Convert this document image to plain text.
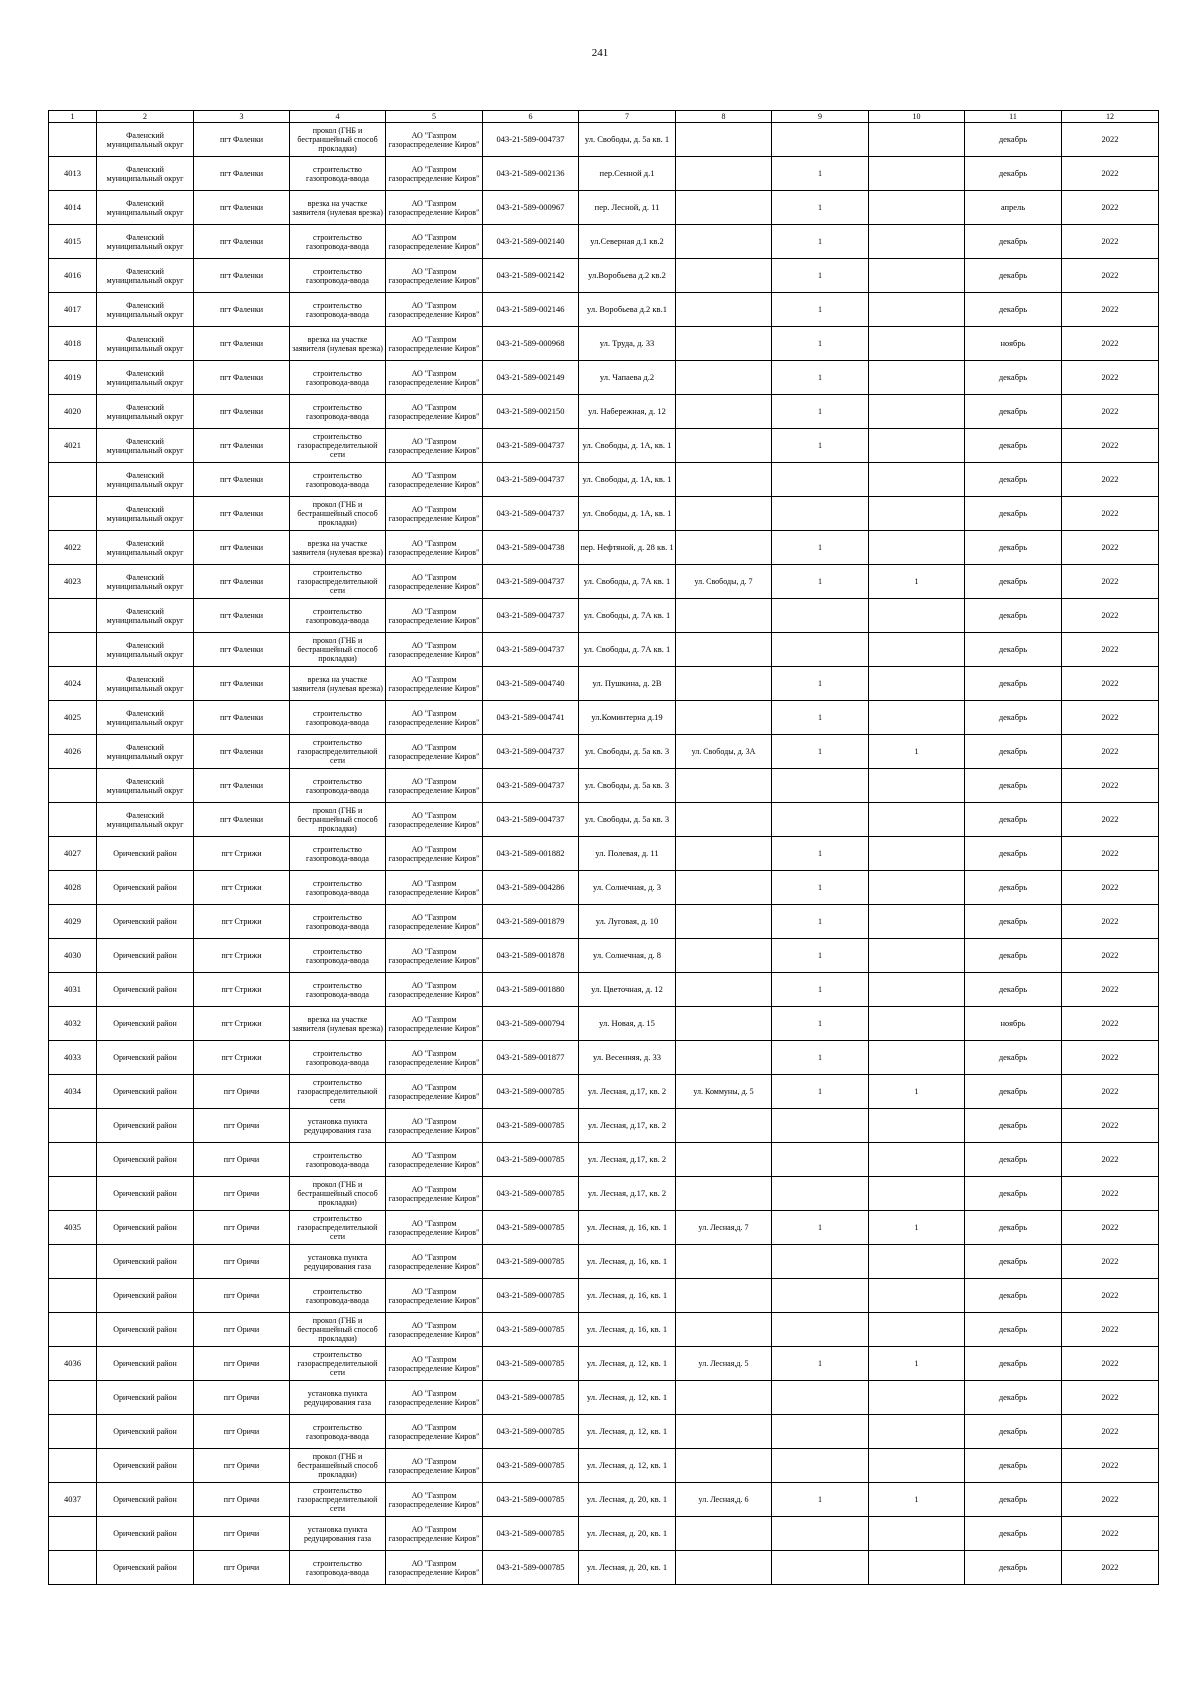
241
1	2	3	4	5	6	7	8	9	10	11	12
	Фаленский муниципальный округ	пгт Фаленки	прокол (ГНБ и бестраншейный способ прокладки)	АО "Газпром газораспределение Киров"	043-21-589-004737	ул. Свободы, д. 5а кв. 1				декабрь	2022
4013	Фаленский муниципальный округ	пгт Фаленки	строительство газопровода-ввода	АО "Газпром газораспределение Киров"	043-21-589-002136	пер.Сенной д.1		1		декабрь	2022
4014	Фаленский муниципальный округ	пгт Фаленки	врезка на участке заявителя (нулевая врезка)	АО "Газпром газораспределение Киров"	043-21-589-000967	пер. Лесной, д. 11		1		апрель	2022
4015	Фаленский муниципальный округ	пгт Фаленки	строительство газопровода-ввода	АО "Газпром газораспределение Киров"	043-21-589-002140	ул.Северная д.1 кв.2		1		декабрь	2022
4016	Фаленский муниципальный округ	пгт Фаленки	строительство газопровода-ввода	АО "Газпром газораспределение Киров"	043-21-589-002142	ул.Воробьева д.2 кв.2		1		декабрь	2022
4017	Фаленский муниципальный округ	пгт Фаленки	строительство газопровода-ввода	АО "Газпром газораспределение Киров"	043-21-589-002146	ул. Воробьева д.2 кв.1		1		декабрь	2022
4018	Фаленский муниципальный округ	пгт Фаленки	врезка на участке заявителя (нулевая врезка)	АО "Газпром газораспределение Киров"	043-21-589-000968	ул. Труда, д. 33		1		ноябрь	2022
4019	Фаленский муниципальный округ	пгт Фаленки	строительство газопровода-ввода	АО "Газпром газораспределение Киров"	043-21-589-002149	ул. Чапаева д.2		1		декабрь	2022
4020	Фаленский муниципальный округ	пгт Фаленки	строительство газопровода-ввода	АО "Газпром газораспределение Киров"	043-21-589-002150	ул. Набережная, д. 12		1		декабрь	2022
4021	Фаленский муниципальный округ	пгт Фаленки	строительство газораспределительной сети	АО "Газпром газораспределение Киров"	043-21-589-004737	ул. Свободы, д. 1А, кв. 1		1		декабрь	2022
	Фаленский муниципальный округ	пгт Фаленки	строительство газопровода-ввода	АО "Газпром газораспределение Киров"	043-21-589-004737	ул. Свободы, д. 1А, кв. 1				декабрь	2022
	Фаленский муниципальный округ	пгт Фаленки	прокол (ГНБ и бестраншейный способ прокладки)	АО "Газпром газораспределение Киров"	043-21-589-004737	ул. Свободы, д. 1А, кв. 1				декабрь	2022
4022	Фаленский муниципальный округ	пгт Фаленки	врезка на участке заявителя (нулевая врезка)	АО "Газпром газораспределение Киров"	043-21-589-004738	пер. Нефтяной, д. 28 кв. 1		1		декабрь	2022
4023	Фаленский муниципальный округ	пгт Фаленки	строительство газораспределительной сети	АО "Газпром газораспределение Киров"	043-21-589-004737	ул. Свободы, д. 7А кв. 1	ул. Свободы, д. 7	1	1	декабрь	2022
	Фаленский муниципальный округ	пгт Фаленки	строительство газопровода-ввода	АО "Газпром газораспределение Киров"	043-21-589-004737	ул. Свободы, д. 7А кв. 1				декабрь	2022
	Фаленский муниципальный округ	пгт Фаленки	прокол (ГНБ и бестраншейный способ прокладки)	АО "Газпром газораспределение Киров"	043-21-589-004737	ул. Свободы, д. 7А кв. 1				декабрь	2022
4024	Фаленский муниципальный округ	пгт Фаленки	врезка на участке заявителя (нулевая врезка)	АО "Газпром газораспределение Киров"	043-21-589-004740	ул. Пушкина, д. 2В		1		декабрь	2022
4025	Фаленский муниципальный округ	пгт Фаленки	строительство газопровода-ввода	АО "Газпром газораспределение Киров"	043-21-589-004741	ул.Коминтерна д.19		1		декабрь	2022
4026	Фаленский муниципальный округ	пгт Фаленки	строительство газораспределительной сети	АО "Газпром газораспределение Киров"	043-21-589-004737	ул. Свободы, д. 5а кв. 3	ул. Свободы, д. 3А	1	1	декабрь	2022
	Фаленский муниципальный округ	пгт Фаленки	строительство газопровода-ввода	АО "Газпром газораспределение Киров"	043-21-589-004737	ул. Свободы, д. 5а кв. 3				декабрь	2022
	Фаленский муниципальный округ	пгт Фаленки	прокол (ГНБ и бестраншейный способ прокладки)	АО "Газпром газораспределение Киров"	043-21-589-004737	ул. Свободы, д. 5а кв. 3				декабрь	2022
4027	Оричевский район	пгт Стрижи	строительство газопровода-ввода	АО "Газпром газораспределение Киров"	043-21-589-001882	ул. Полевая, д. 11		1		декабрь	2022
4028	Оричевский район	пгт Стрижи	строительство газопровода-ввода	АО "Газпром газораспределение Киров"	043-21-589-004286	ул. Солнечная, д. 3		1		декабрь	2022
4029	Оричевский район	пгт Стрижи	строительство газопровода-ввода	АО "Газпром газораспределение Киров"	043-21-589-001879	ул. Луговая, д. 10		1		декабрь	2022
4030	Оричевский район	пгт Стрижи	строительство газопровода-ввода	АО "Газпром газораспределение Киров"	043-21-589-001878	ул. Солнечная, д. 8		1		декабрь	2022
4031	Оричевский район	пгт Стрижи	строительство газопровода-ввода	АО "Газпром газораспределение Киров"	043-21-589-001880	ул. Цветочная, д. 12		1		декабрь	2022
4032	Оричевский район	пгт Стрижи	врезка на участке заявителя (нулевая врезка)	АО "Газпром газораспределение Киров"	043-21-589-000794	ул. Новая, д. 15		1		ноябрь	2022
4033	Оричевский район	пгт Стрижи	строительство газопровода-ввода	АО "Газпром газораспределение Киров"	043-21-589-001877	ул. Весенняя, д. 33		1		декабрь	2022
4034	Оричевский район	пгт Оричи	строительство газораспределительной сети	АО "Газпром газораспределение Киров"	043-21-589-000785	ул. Лесная, д.17, кв. 2	ул. Коммуны, д. 5	1	1	декабрь	2022
	Оричевский район	пгт Оричи	установка пункта редуцирования газа	АО "Газпром газораспределение Киров"	043-21-589-000785	ул. Лесная, д.17, кв. 2				декабрь	2022
	Оричевский район	пгт Оричи	строительство газопровода-ввода	АО "Газпром газораспределение Киров"	043-21-589-000785	ул. Лесная, д.17, кв. 2				декабрь	2022
	Оричевский район	пгт Оричи	прокол (ГНБ и бестраншейный способ прокладки)	АО "Газпром газораспределение Киров"	043-21-589-000785	ул. Лесная, д.17, кв. 2				декабрь	2022
4035	Оричевский район	пгт Оричи	строительство газораспределительной сети	АО "Газпром газораспределение Киров"	043-21-589-000785	ул. Лесная, д. 16, кв. 1	ул. Лесная,д. 7	1	1	декабрь	2022
	Оричевский район	пгт Оричи	установка пункта редуцирования газа	АО "Газпром газораспределение Киров"	043-21-589-000785	ул. Лесная, д. 16, кв. 1				декабрь	2022
	Оричевский район	пгт Оричи	строительство газопровода-ввода	АО "Газпром газораспределение Киров"	043-21-589-000785	ул. Лесная, д. 16, кв. 1				декабрь	2022
	Оричевский район	пгт Оричи	прокол (ГНБ и бестраншейный способ прокладки)	АО "Газпром газораспределение Киров"	043-21-589-000785	ул. Лесная, д. 16, кв. 1				декабрь	2022
4036	Оричевский район	пгт Оричи	строительство газораспределительной сети	АО "Газпром газораспределение Киров"	043-21-589-000785	ул. Лесная, д. 12, кв. 1	ул. Лесная,д. 5	1	1	декабрь	2022
	Оричевский район	пгт Оричи	установка пункта редуцирования газа	АО "Газпром газораспределение Киров"	043-21-589-000785	ул. Лесная, д. 12, кв. 1				декабрь	2022
	Оричевский район	пгт Оричи	строительство газопровода-ввода	АО "Газпром газораспределение Киров"	043-21-589-000785	ул. Лесная, д. 12, кв. 1				декабрь	2022
	Оричевский район	пгт Оричи	прокол (ГНБ и бестраншейный способ прокладки)	АО "Газпром газораспределение Киров"	043-21-589-000785	ул. Лесная, д. 12, кв. 1				декабрь	2022
4037	Оричевский район	пгт Оричи	строительство газораспределительной сети	АО "Газпром газораспределение Киров"	043-21-589-000785	ул. Лесная, д. 20, кв. 1	ул. Лесная,д. 6	1	1	декабрь	2022
	Оричевский район	пгт Оричи	установка пункта редуцирования газа	АО "Газпром газораспределение Киров"	043-21-589-000785	ул. Лесная, д. 20, кв. 1				декабрь	2022
	Оричевский район	пгт Оричи	строительство газопровода-ввода	АО "Газпром газораспределение Киров"	043-21-589-000785	ул. Лесная, д. 20, кв. 1				декабрь	2022
